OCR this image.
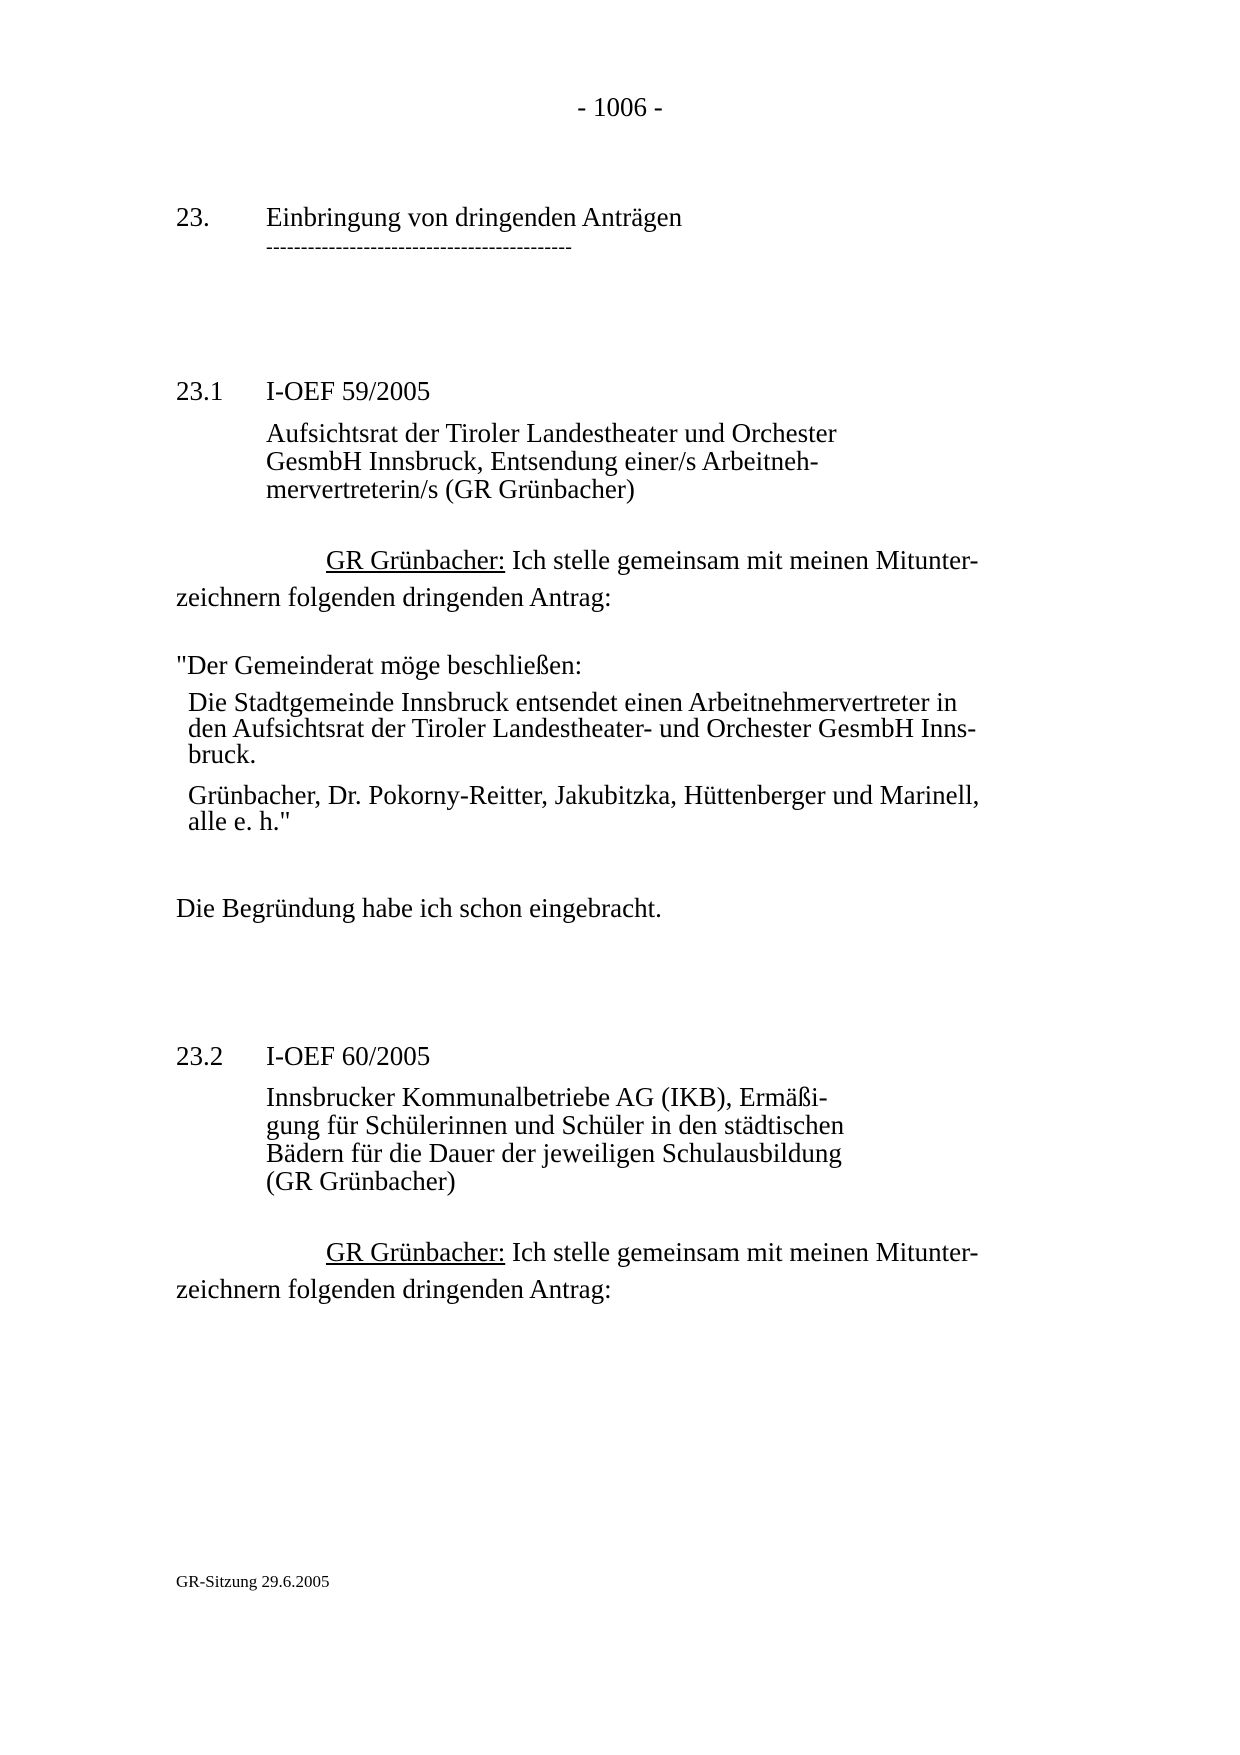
- 1006 -
23. Einbringung von dringenden Anträgen
--------------------------------------------
23.1 I-OEF 59/2005
Aufsichtsrat der Tiroler Landestheater und Orchester
GesmbH Innsbruck, Entsendung einer/s Arbeitneh-
mervertreterin/s (GR Grünbacher)
GR Grünbacher: Ich stelle gemeinsam mit meinen Mitunter-
zeichnern folgenden dringenden Antrag:
"Der Gemeinderat möge beschließen:
Die Stadtgemeinde Innsbruck entsendet einen Arbeitnehmervertreter in
den Aufsichtsrat der Tiroler Landestheater- und Orchester GesmbH Inns-
bruck.
Grünbacher, Dr. Pokorny-Reitter, Jakubitzka, Hüttenberger und Marinell,
alle e. h."
Die Begründung habe ich schon eingebracht.
23.2 I-OEF 60/2005
Innsbrucker Kommunalbetriebe AG (IKB), Ermäßi-
gung für Schülerinnen und Schüler in den städtischen
Bädern für die Dauer der jeweiligen Schulausbildung
(GR Grünbacher)
GR Grünbacher: Ich stelle gemeinsam mit meinen Mitunter-
zeichnern folgenden dringenden Antrag:
GR-Sitzung 29.6.2005
